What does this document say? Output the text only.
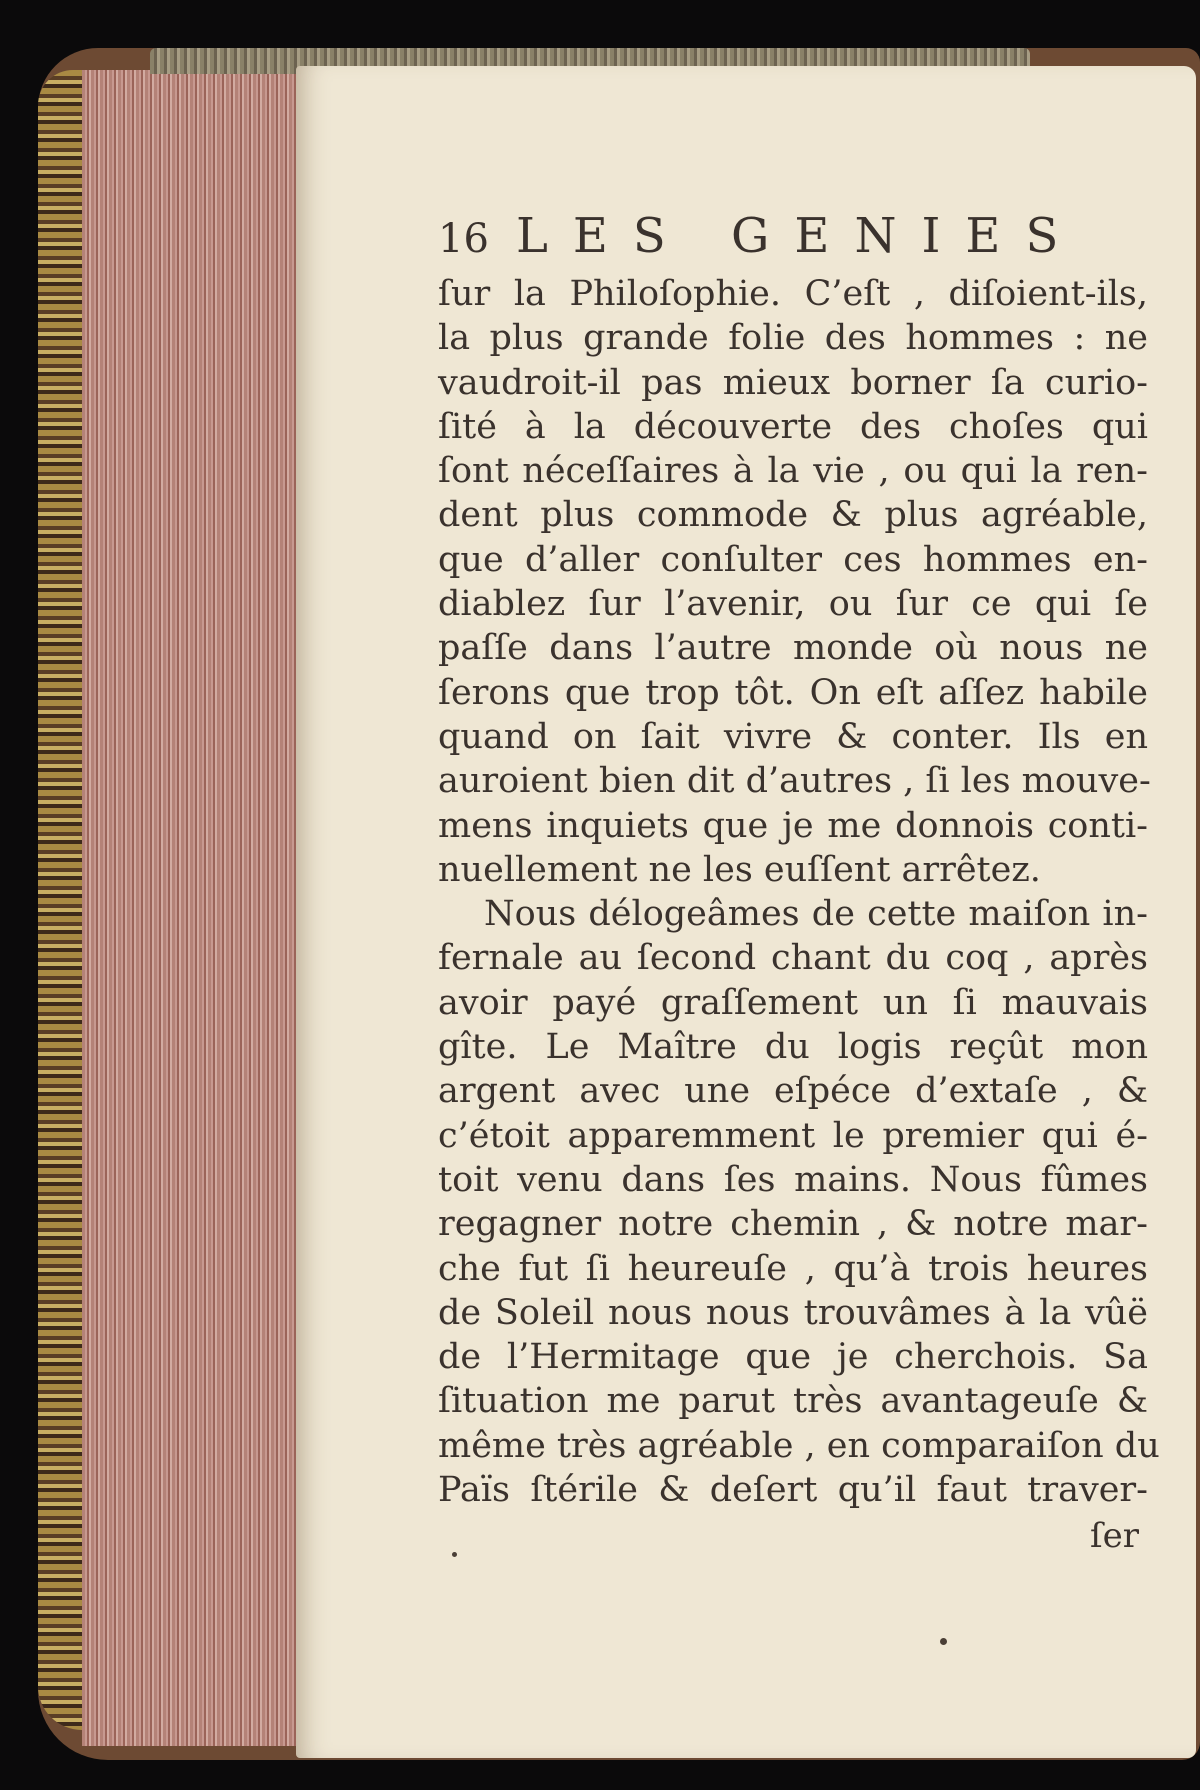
16 LES GENIES
ſur la Philoſophie. C’eſt , diſoient-ils,
la plus grande folie des hommes : ne
vaudroit-il pas mieux borner ſa curio-
ſité à la découverte des choſes qui
ſont néceſſaires à la vie , ou qui la ren-
dent plus commode & plus agréable,
que d’aller conſulter ces hommes en-
diablez ſur l’avenir, ou ſur ce qui ſe
paſſe dans l’autre monde où nous ne
ſerons que trop tôt. On eſt aſſez habile
quand on ſait vivre & conter. Ils en
auroient bien dit d’autres , ſi les mouve-
mens inquiets que je me donnois conti-
nuellement ne les euſſent arrêtez.
Nous délogeâmes de cette maiſon in-
fernale au ſecond chant du coq , après
avoir payé graſſement un ſi mauvais
gîte. Le Maître du logis reçût mon
argent avec une eſpéce d’extaſe , &
c’étoit apparemment le premier qui é-
toit venu dans ſes mains. Nous fûmes
regagner notre chemin , & notre mar-
che fut ſi heureuſe , qu’à trois heures
de Soleil nous nous trouvâmes à la vûë
de l’Hermitage que je cherchois. Sa
ſituation me parut très avantageuſe &
même très agréable , en comparaiſon du
Païs ſtérile & deſert qu’il faut traver-
ſer
